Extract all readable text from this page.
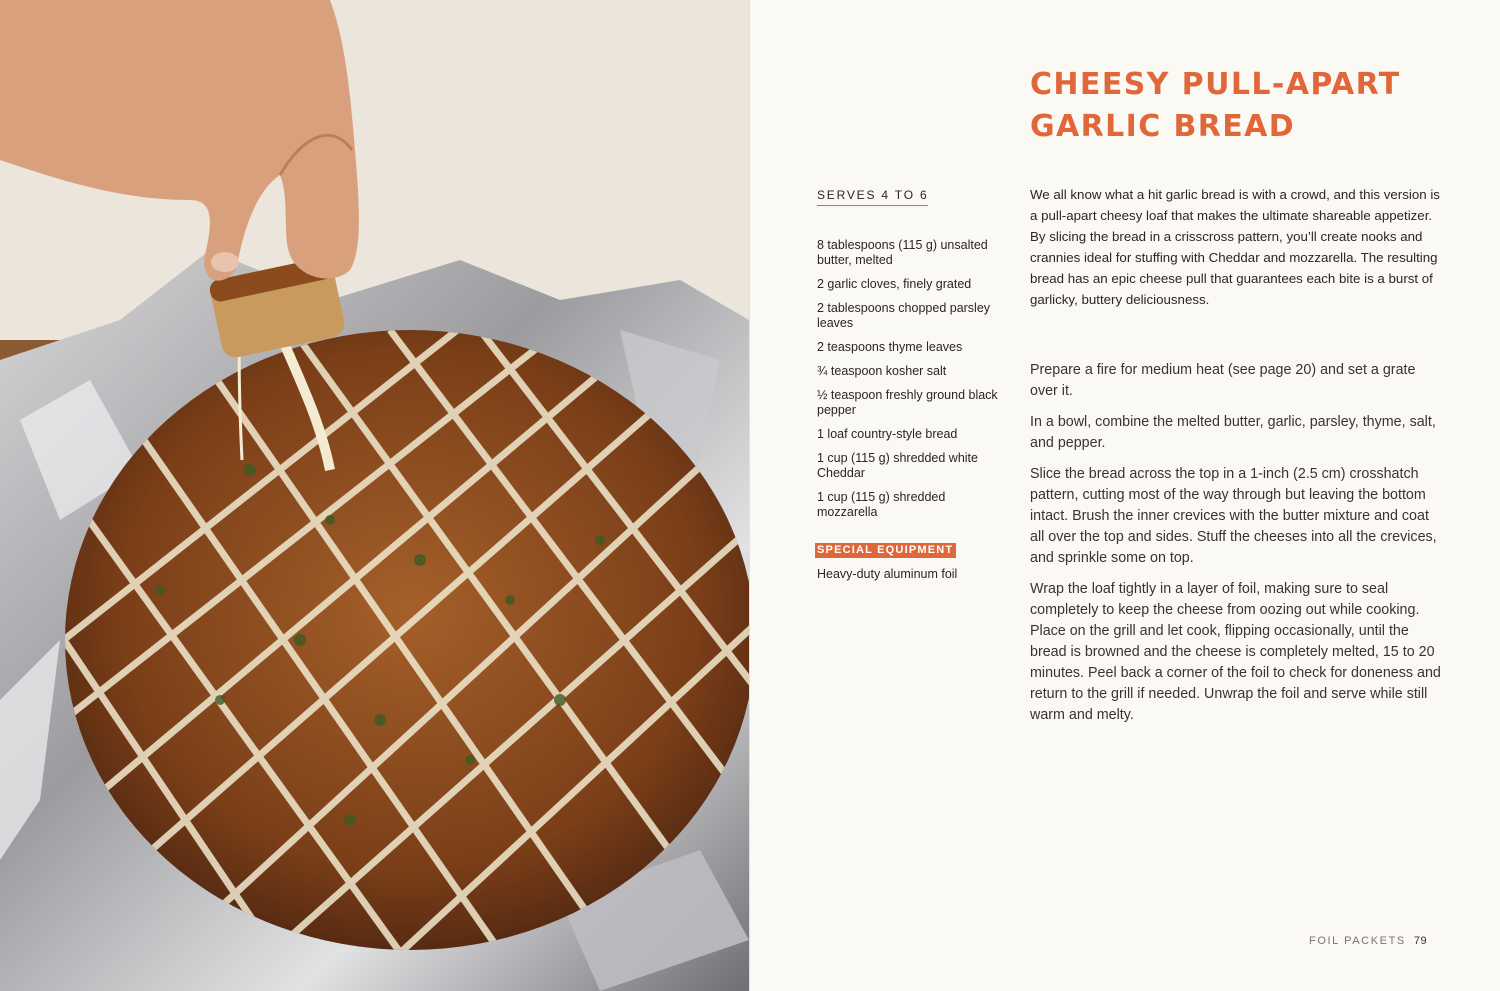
CHEESY PULL-APART
GARLIC BREAD
SERVES 4 TO 6
8 tablespoons (115 g) unsalted butter, melted
2 garlic cloves, finely grated
2 tablespoons chopped parsley leaves
2 teaspoons thyme leaves
¾ teaspoon kosher salt
½ teaspoon freshly ground black pepper
1 loaf country-style bread
1 cup (115 g) shredded white Cheddar
1 cup (115 g) shredded mozzarella
SPECIAL EQUIPMENT
Heavy-duty aluminum foil

We all know what a hit garlic bread is with a crowd, and this version is a pull-apart cheesy loaf that makes the ultimate shareable appetizer. By slicing the bread in a crisscross pattern, you’ll create nooks and crannies ideal for stuffing with Cheddar and mozzarella. The resulting bread has an epic cheese pull that guarantees each bite is a burst of garlicky, buttery deliciousness.

Prepare a fire for medium heat (see page 20) and set a grate over it.

In a bowl, combine the melted butter, garlic, parsley, thyme, salt, and pepper.

Slice the bread across the top in a 1-inch (2.5 cm) crosshatch pattern, cutting most of the way through but leaving the bottom intact. Brush the inner crevices with the butter mixture and coat all over the top and sides. Stuff the cheeses into all the crevices, and sprinkle some on top.

Wrap the loaf tightly in a layer of foil, making sure to seal completely to keep the cheese from oozing out while cooking. Place on the grill and let cook, flipping occasionally, until the bread is browned and the cheese is completely melted, 15 to 20 minutes. Peel back a corner of the foil to check for doneness and return to the grill if needed. Unwrap the foil and serve while still warm and melty.

FOIL PACKETS 79
